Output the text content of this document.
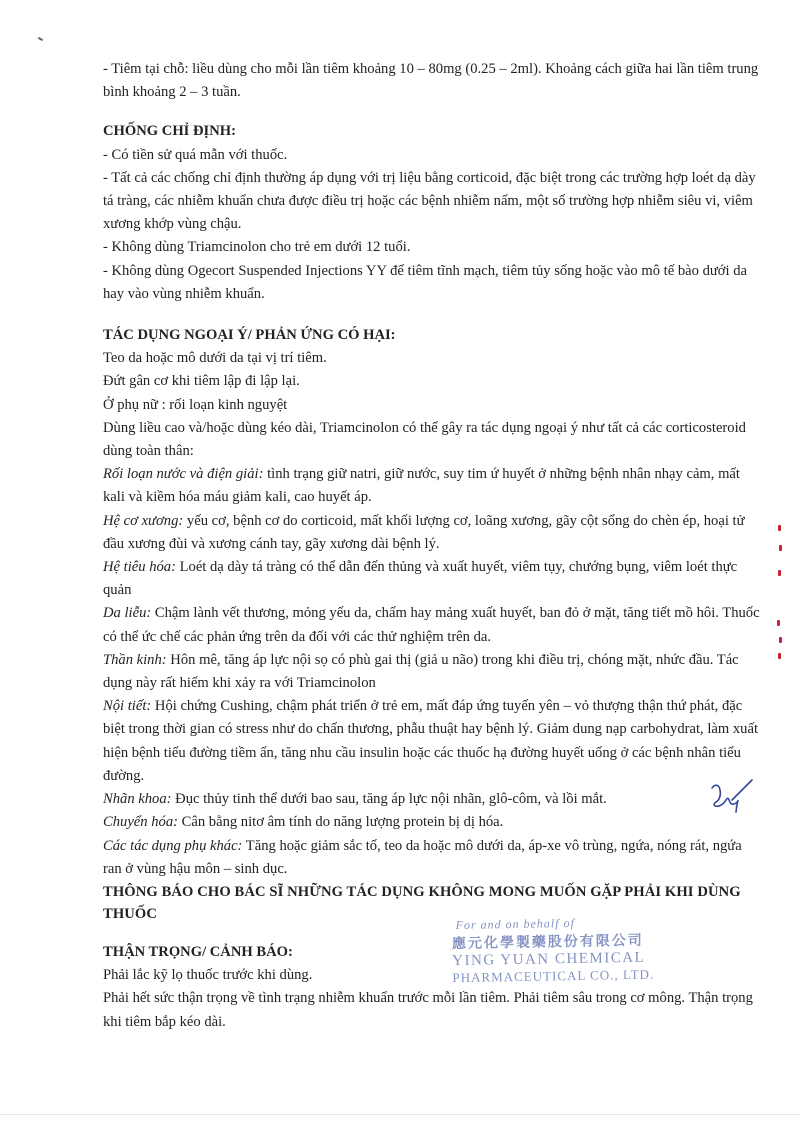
- Tiêm tại chỗ: liều dùng cho mỗi lần tiêm khoảng 10 – 80mg (0.25 – 2ml). Khoảng cách giữa hai lần tiêm trung bình khoảng 2 – 3 tuần.

CHỐNG CHỈ ĐỊNH:

- Có tiền sử quá mẫn với thuốc.

- Tất cả các chống chỉ định thường áp dụng với trị liệu bằng corticoid, đặc biệt trong các trường hợp loét dạ dày tá tràng, các nhiễm khuẩn chưa được điều trị hoặc các bệnh nhiễm nấm, một số trường hợp nhiễm siêu vi, viêm xương khớp vùng chậu.

- Không dùng Triamcinolon cho trẻ em dưới 12 tuổi.

- Không dùng Ogecort Suspended Injections YY để tiêm tĩnh mạch, tiêm tủy sống hoặc vào mô tế bào dưới da hay vào vùng nhiễm khuẩn.

TÁC DỤNG NGOẠI Ý/ PHẢN ỨNG CÓ HẠI:

Teo da hoặc mô dưới da tại vị trí tiêm.

Đứt gân cơ khi tiêm lập đi lập lại.

Ở phụ nữ : rối loạn kinh nguyệt

Dùng liều cao và/hoặc dùng kéo dài, Triamcinolon có thể gây ra tác dụng ngoại ý như tất cả các corticosteroid dùng toàn thân:

Rối loạn nước và điện giải: tình trạng giữ natri, giữ nước, suy tim ứ huyết ở những bệnh nhân nhạy cảm, mất kali và kiềm hóa máu giảm kali, cao huyết áp.

Hệ cơ xương: yếu cơ, bệnh cơ do corticoid, mất khối lượng cơ, loãng xương, gãy cột sống do chèn ép, hoại tử đầu xương đùi và xương cánh tay, gãy xương dài bệnh lý.

Hệ tiêu hóa: Loét dạ dày tá tràng có thể dẫn đến thủng và xuất huyết, viêm tụy, chướng bụng, viêm loét thực quản

Da liễu: Chậm lành vết thương, mỏng yếu da, chấm hay mảng xuất huyết, ban đỏ ở mặt, tăng tiết mồ hôi. Thuốc có thể ức chế các phản ứng trên da đối với các thử nghiệm trên da.

Thần kinh: Hôn mê, tăng áp lực nội sọ có phù gai thị (giả u não) trong khi điều trị, chóng mặt, nhức đầu. Tác dụng này rất hiếm khi xảy ra với Triamcinolon

Nội tiết: Hội chứng Cushing, chậm phát triển ở trẻ em, mất đáp ứng tuyến yên – vỏ thượng thận thứ phát, đặc biệt trong thời gian có stress như do chấn thương, phẫu thuật hay bệnh lý. Giảm dung nạp carbohydrat, làm xuất hiện bệnh tiểu đường tiềm ẩn, tăng nhu cầu insulin hoặc các thuốc hạ đường huyết uống ở các bệnh nhân tiểu đường.

Nhãn khoa: Đục thủy tinh thể dưới bao sau, tăng áp lực nội nhãn, glô-côm, và lồi mắt.

Chuyển hóa: Cân bằng nitơ âm tính do năng lượng protein bị dị hóa.

Các tác dụng phụ khác: Tăng hoặc giảm sắc tố, teo da hoặc mô dưới da, áp-xe vô trùng, ngứa, nóng rát, ngứa ran ở vùng hậu môn – sinh dục.

THÔNG BÁO CHO BÁC SĨ NHỮNG TÁC DỤNG KHÔNG MONG MUỐN GẶP PHẢI KHI DÙNG THUỐC

THẬN TRỌNG/ CẢNH BÁO:

Phải lắc kỹ lọ thuốc trước khi dùng.

Phải hết sức thận trọng về tình trạng nhiễm khuẩn trước mỗi lần tiêm. Phải tiêm sâu trong cơ mông. Thận trọng khi tiêm bắp kéo dài.

For and on behalf of
應元化學製藥股份有限公司
YING YUAN CHEMICAL
PHARMACEUTICAL CO., LTD.
